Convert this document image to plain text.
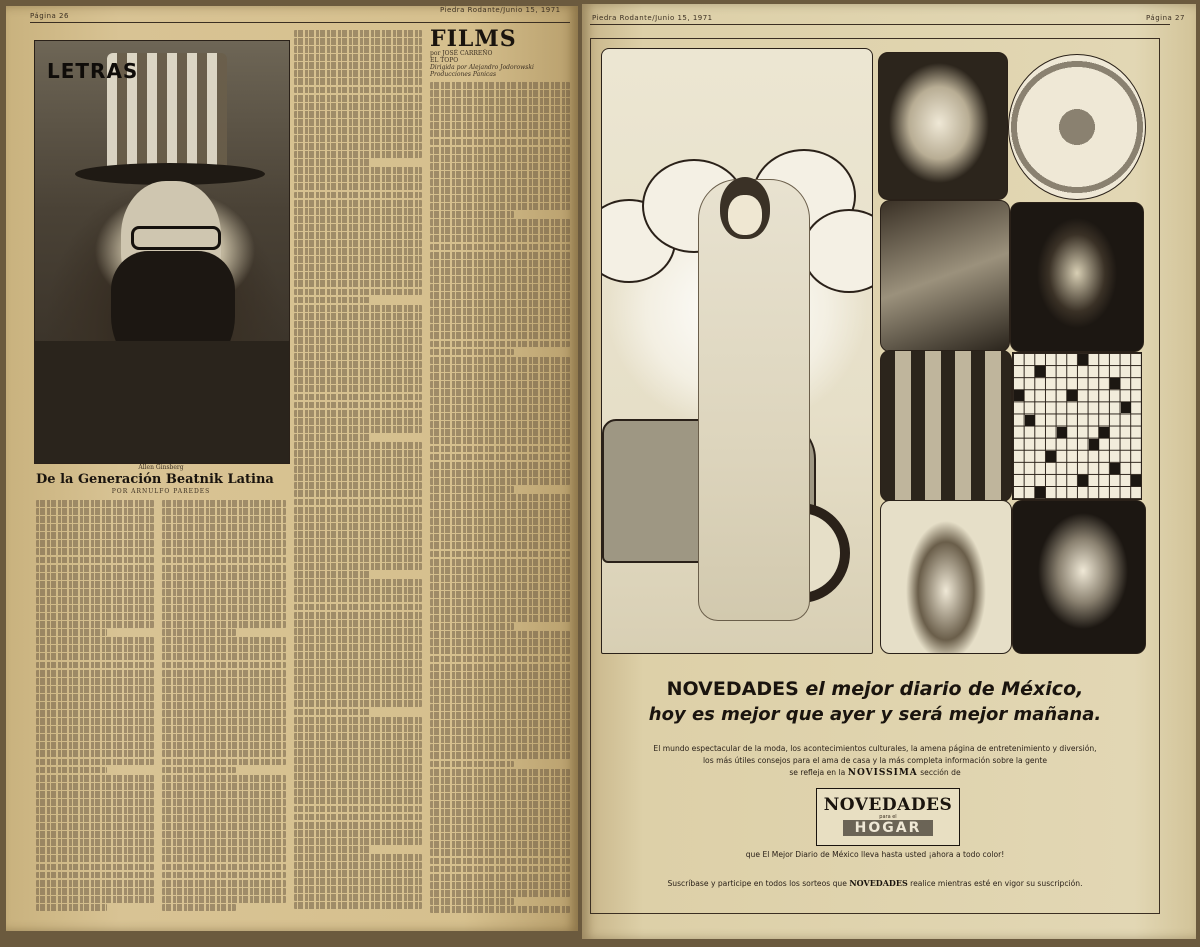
Página 26
Piedra Rodante/Junio 15, 1971
LETRAS
Allen Ginsberg
De la Generación Beatnik Latina
POR ARNULFO PAREDES
FILMS
por JOSÉ CARREÑO
EL TOPO
Dirigida por Alejandro Jodorowski
Producciones Panicas
Piedra Rodante/Junio 15, 1971	Página 27
NOVEDADES el mejor diario de México,
hoy es mejor que ayer y será mejor mañana.
El mundo espectacular de la moda, los acontecimientos culturales, la amena página de entretenimiento y diversión,
los más útiles consejos para el ama de casa y la más completa información sobre la gente
se refleja en la NOVISSIMA sección de
NOVEDADES
para el
HOGAR
que El Mejor Diario de México lleva hasta usted ¡ahora a todo color!
Suscríbase y participe en todos los sorteos que NOVEDADES realice mientras esté en vigor su suscripción.
